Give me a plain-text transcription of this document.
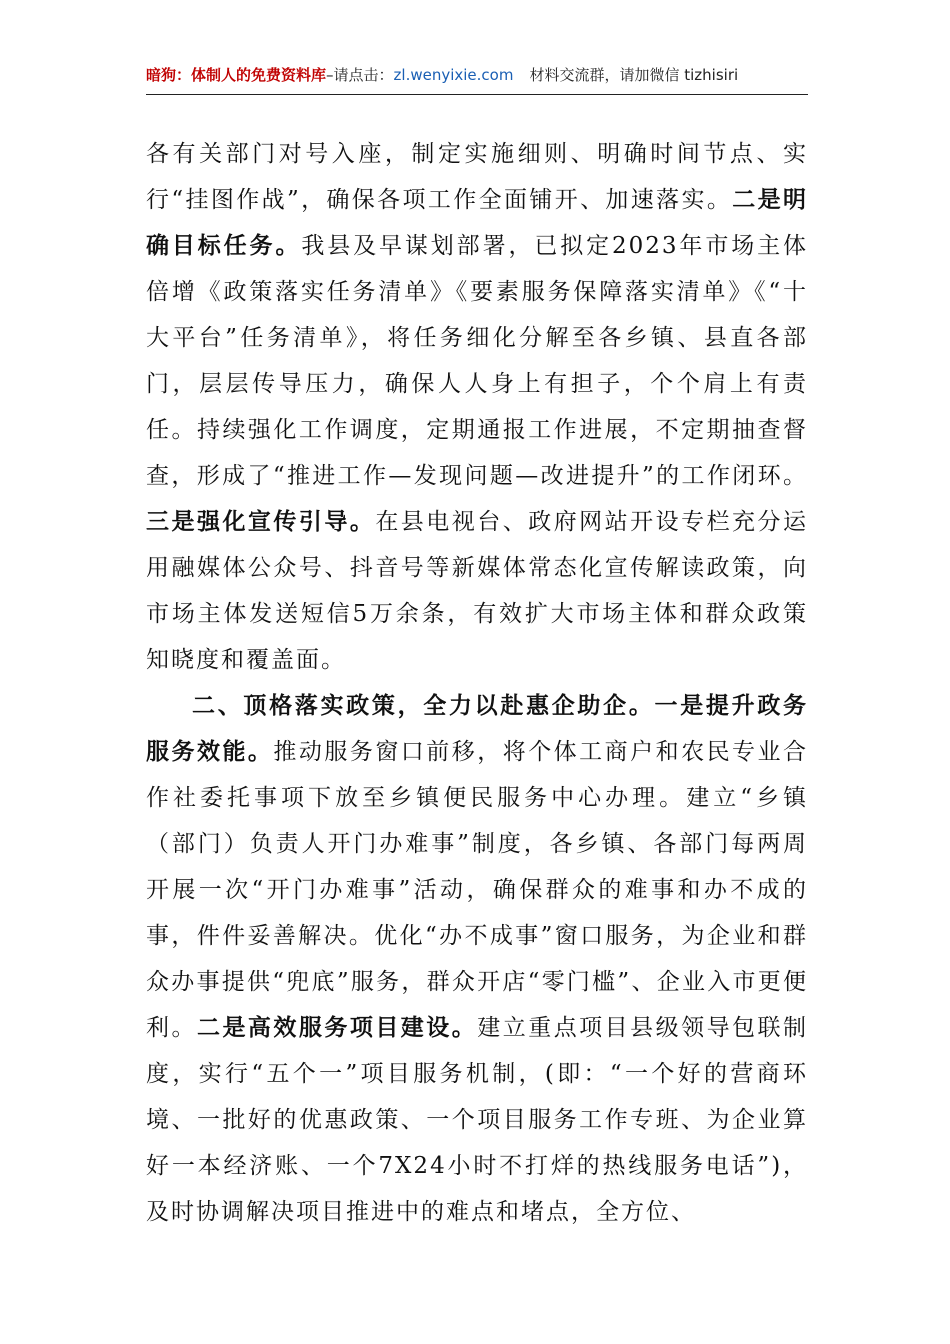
暗狗：体制人的免费资料库–请点击：zl.wenyixie.com 材料交流群，请加微信 tizhisiri

各有关部门对号入座，制定实施细则、明确时间节点、实行“挂图作战”，确保各项工作全面铺开、加速落实。二是明确目标任务。我县及早谋划部署，已拟定2023年市场主体倍增《政策落实任务清单》《要素服务保障落实清单》《“十大平台”任务清单》，将任务细化分解至各乡镇、县直各部门，层层传导压力，确保人人身上有担子，个个肩上有责任。持续强化工作调度，定期通报工作进展，不定期抽查督查，形成了“推进工作—发现问题—改进提升”的工作闭环。三是强化宣传引导。在县电视台、政府网站开设专栏充分运用融媒体公众号、抖音号等新媒体常态化宣传解读政策，向市场主体发送短信5万余条，有效扩大市场主体和群众政策知晓度和覆盖面。

二、顶格落实政策，全力以赴惠企助企。一是提升政务服务效能。推动服务窗口前移，将个体工商户和农民专业合作社委托事项下放至乡镇便民服务中心办理。建立“乡镇（部门）负责人开门办难事”制度，各乡镇、各部门每两周开展一次“开门办难事”活动，确保群众的难事和办不成的事，件件妥善解决。优化“办不成事”窗口服务，为企业和群众办事提供“兜底”服务，群众开店“零门槛”、企业入市更便利。二是高效服务项目建设。建立重点项目县级领导包联制度，实行“五个一”项目服务机制，(即：“一个好的营商环境、一批好的优惠政策、一个项目服务工作专班、为企业算好一本经济账、一个7X24小时不打烊的热线服务电话”)，及时协调解决项目推进中的难点和堵点，全方位、
